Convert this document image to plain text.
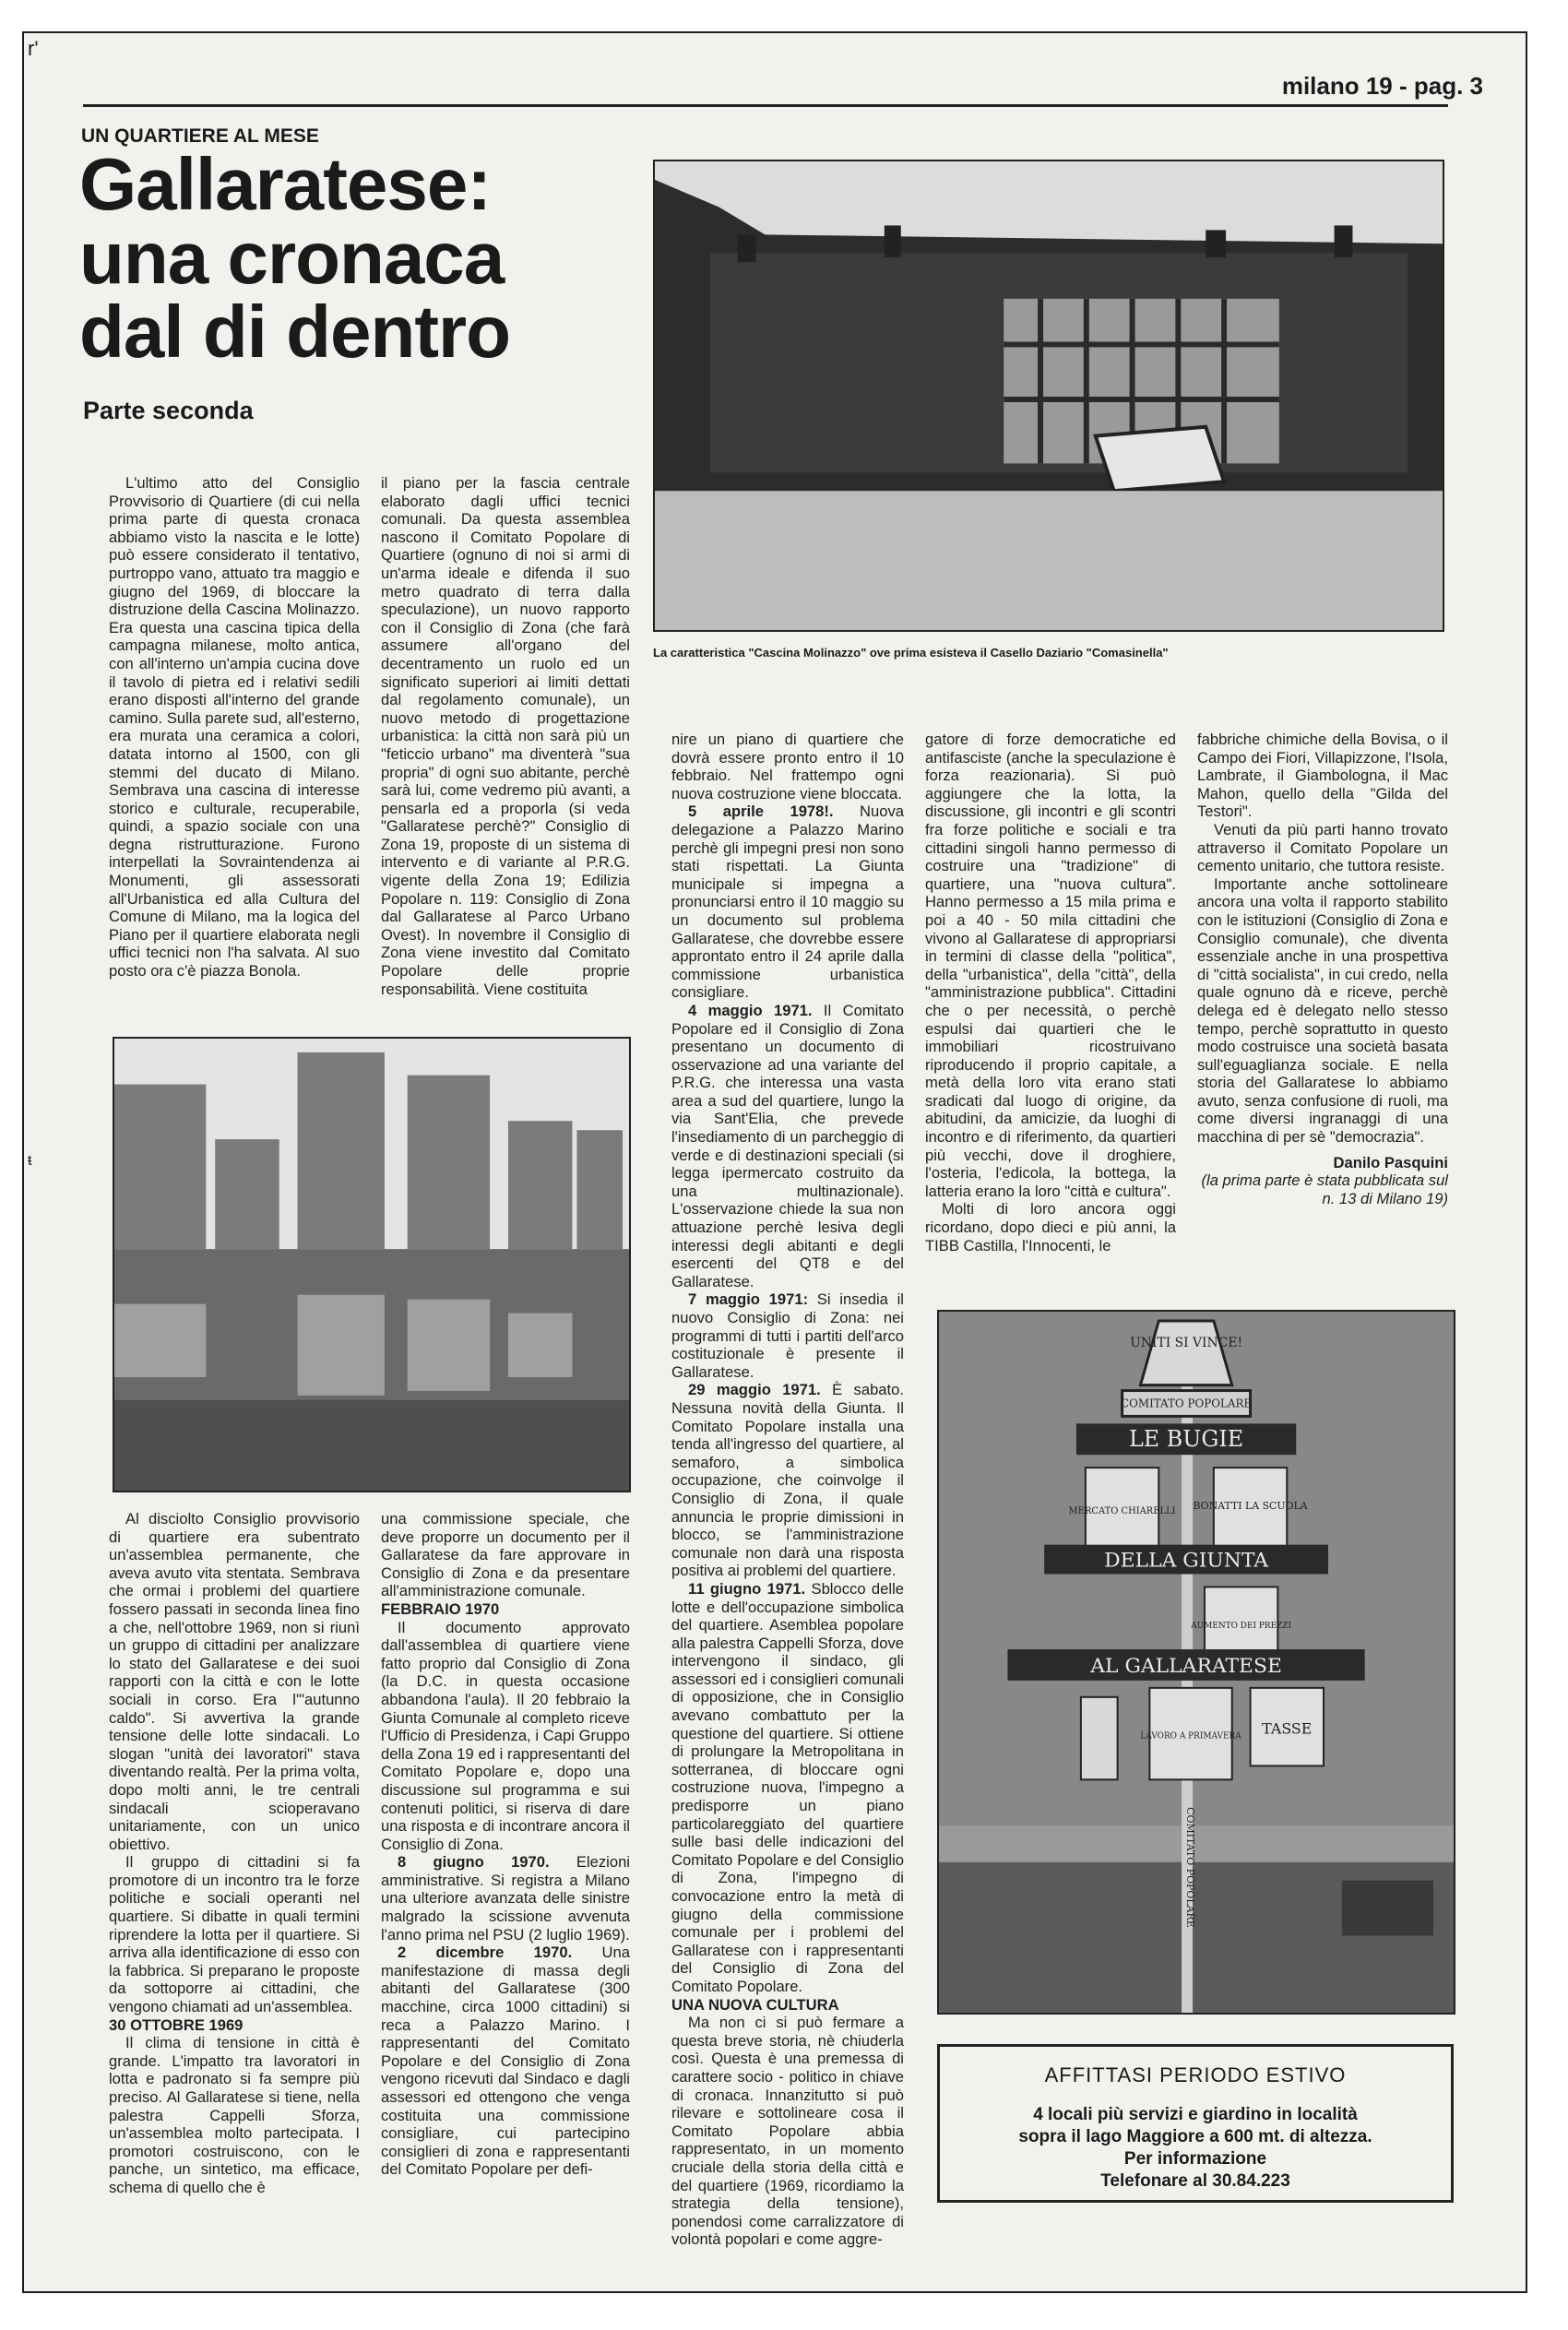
rʹ
ŧ
milano 19 - pag. 3
UN QUARTIERE AL MESE
Gallaratese: una cronaca dal di dentro
Parte seconda

L'ultimo atto del Consiglio Provvisorio di Quartiere (di cui nella prima parte di questa cronaca abbiamo visto la nascita e le lotte) può essere considerato il tentativo, purtroppo vano, attuato tra maggio e giugno del 1969, di bloccare la distruzione della Cascina Molinazzo. Era questa una cascina tipica della campagna milanese, molto antica, con all'interno un'ampia cucina dove il tavolo di pietra ed i relativi sedili erano disposti all'interno del grande camino. Sulla parete sud, all'esterno, era murata una ceramica a colori, datata intorno al 1500, con gli stemmi del ducato di Milano. Sembrava una cascina di interesse storico e culturale, recuperabile, quindi, a spazio sociale con una degna ristrutturazione. Furono interpellati la Sovraintendenza ai Monumenti, gli assessorati all'Urbanistica ed alla Cultura del Comune di Milano, ma la logica del Piano per il quartiere elaborata negli uffici tecnici non l'ha salvata. Al suo posto ora c'è piazza Bonola.

il piano per la fascia centrale elaborato dagli uffici tecnici comunali. Da questa assemblea nascono il Comitato Popolare di Quartiere (ognuno di noi si armi di un'arma ideale e difenda il suo metro quadrato di terra dalla speculazione), un nuovo rapporto con il Consiglio di Zona (che farà assumere all'organo del decentramento un ruolo ed un significato superiori ai limiti dettati dal regolamento comunale), un nuovo metodo di progettazione urbanistica: la città non sarà più un "feticcio urbano" ma diventerà "sua propria" di ogni suo abitante, perchè sarà lui, come vedremo più avanti, a pensarla ed a proporla (si veda "Gallaratese perchè?" Consiglio di Zona 19, proposte di un sistema di intervento e di variante al P.R.G. vigente della Zona 19; Edilizia Popolare n. 119: Consiglio di Zona dal Gallaratese al Parco Urbano Ovest). In novembre il Consiglio di Zona viene investito dal Comitato Popolare delle proprie responsabilità. Viene costituita

La caratteristica "Cascina Molinazzo" ove prima esisteva il Casello Daziario "Comasinella"

Al disciolto Consiglio provvisorio di quartiere era subentrato un'assemblea permanente, che aveva avuto vita stentata. Sembrava che ormai i problemi del quartiere fossero passati in seconda linea fino a che, nell'ottobre 1969, non si riunì un gruppo di cittadini per analizzare lo stato del Gallaratese e dei suoi rapporti con la città e con le lotte sociali in corso. Era l'"autunno caldo". Si avvertiva la grande tensione delle lotte sindacali. Lo slogan "unità dei lavoratori" stava diventando realtà. Per la prima volta, dopo molti anni, le tre centrali sindacali scioperavano unitariamente, con un unico obiettivo.

Il gruppo di cittadini si fa promotore di un incontro tra le forze politiche e sociali operanti nel quartiere. Si dibatte in quali termini riprendere la lotta per il quartiere. Si arriva alla identificazione di esso con la fabbrica. Si preparano le proposte da sottoporre ai cittadini, che vengono chiamati ad un'assemblea.

30 OTTOBRE 1969

Il clima di tensione in città è grande. L'impatto tra lavoratori in lotta e padronato si fa sempre più preciso. Al Gallaratese si tiene, nella palestra Cappelli Sforza, un'assemblea molto partecipata. I promotori costruiscono, con le panche, un sintetico, ma efficace, schema di quello che è

una commissione speciale, che deve proporre un documento per il Gallaratese da fare approvare in Consiglio di Zona e da presentare all'amministrazione comunale.

FEBBRAIO 1970

Il documento approvato dall'assemblea di quartiere viene fatto proprio dal Consiglio di Zona (la D.C. in questa occasione abbandona l'aula). Il 20 febbraio la Giunta Comunale al completo riceve l'Ufficio di Presidenza, i Capi Gruppo della Zona 19 ed i rappresentanti del Comitato Popolare e, dopo una discussione sul programma e sui contenuti politici, si riserva di dare una risposta e di incontrare ancora il Consiglio di Zona.

8 giugno 1970. Elezioni amministrative. Si registra a Milano una ulteriore avanzata delle sinistre malgrado la scissione avvenuta l'anno prima nel PSU (2 luglio 1969).

2 dicembre 1970. Una manifestazione di massa degli abitanti del Gallaratese (300 macchine, circa 1000 cittadini) si reca a Palazzo Marino. I rappresentanti del Comitato Popolare e del Consiglio di Zona vengono ricevuti dal Sindaco e dagli assessori ed ottengono che venga costituita una commissione consigliare, cui partecipino consiglieri di zona e rappresentanti del Comitato Popolare per defi-

nire un piano di quartiere che dovrà essere pronto entro il 10 febbraio. Nel frattempo ogni nuova costruzione viene bloccata.

5 aprile 1978!. Nuova delegazione a Palazzo Marino perchè gli impegni presi non sono stati rispettati. La Giunta municipale si impegna a pronunciarsi entro il 10 maggio su un documento sul problema Gallaratese, che dovrebbe essere approntato entro il 24 aprile dalla commissione urbanistica consigliare.

4 maggio 1971. Il Comitato Popolare ed il Consiglio di Zona presentano un documento di osservazione ad una variante del P.R.G. che interessa una vasta area a sud del quartiere, lungo la via Sant'Elia, che prevede l'insediamento di un parcheggio di verde e di destinazioni speciali (si legga ipermercato costruito da una multinazionale). L'osservazione chiede la sua non attuazione perchè lesiva degli interessi degli abitanti e degli esercenti del QT8 e del Gallaratese.

7 maggio 1971: Si insedia il nuovo Consiglio di Zona: nei programmi di tutti i partiti dell'arco costituzionale è presente il Gallaratese.

29 maggio 1971. È sabato. Nessuna novità della Giunta. Il Comitato Popolare installa una tenda all'ingresso del quartiere, al semaforo, a simbolica occupazione, che coinvolge il Consiglio di Zona, il quale annuncia le proprie dimissioni in blocco, se l'amministrazione comunale non darà una risposta positiva ai problemi del quartiere.

11 giugno 1971. Sblocco delle lotte e dell'occupazione simbolica del quartiere. Asemblea popolare alla palestra Cappelli Sforza, dove intervengono il sindaco, gli assessori ed i consiglieri comunali di opposizione, che in Consiglio avevano combattuto per la questione del quartiere. Si ottiene di prolungare la Metropolitana in sotterranea, di bloccare ogni costruzione nuova, l'impegno a predisporre un piano particolareggiato del quartiere sulle basi delle indicazioni del Comitato Popolare e del Consiglio di Zona, l'impegno di convocazione entro la metà di giugno della commissione comunale per i problemi del Gallaratese con i rappresentanti del Consiglio di Zona del Comitato Popolare.

UNA NUOVA CULTURA

Ma non ci si può fermare a questa breve storia, nè chiuderla così. Questa è una premessa di carattere socio - politico in chiave di cronaca. Innanzitutto si può rilevare e sottolineare cosa il Comitato Popolare abbia rappresentato, in un momento cruciale della storia della città e del quartiere (1969, ricordiamo la strategia della tensione), ponendosi come carralizzatore di volontà popolari e come aggre-

gatore di forze democratiche ed antifasciste (anche la speculazione è forza reazionaria). Si può aggiungere che la lotta, la discussione, gli incontri e gli scontri fra forze politiche e sociali e tra cittadini singoli hanno permesso di costruire una "tradizione" di quartiere, una "nuova cultura". Hanno permesso a 15 mila prima e poi a 40 - 50 mila cittadini che vivono al Gallaratese di appropriarsi in termini di classe della "politica", della "urbanistica", della "città", della "amministrazione pubblica". Cittadini che o per necessità, o perchè espulsi dai quartieri che le immobiliari ricostruivano riproducendo il proprio capitale, a metà della loro vita erano stati sradicati dal luogo di origine, da abitudini, da amicizie, da luoghi di incontro e di riferimento, da quartieri più vecchi, dove il droghiere, l'osteria, l'edicola, la bottega, la latteria erano la loro "città e cultura".

Molti di loro ancora oggi ricordano, dopo dieci e più anni, la TIBB Castilla, l'Innocenti, le

fabbriche chimiche della Bovisa, o il Campo dei Fiori, Villapizzone, l'Isola, Lambrate, il Giambologna, il Mac Mahon, quello della "Gilda del Testori".

Venuti da più parti hanno trovato attraverso il Comitato Popolare un cemento unitario, che tuttora resiste.

Importante anche sottolineare ancora una volta il rapporto stabilito con le istituzioni (Consiglio di Zona e Consiglio comunale), che diventa essenziale anche in una prospettiva di "città socialista", in cui credo, nella quale ognuno dà e riceve, perchè delega ed è delegato nello stesso tempo, perchè soprattutto in questo modo costruisce una società basata sull'eguaglianza sociale. E nella storia del Gallaratese lo abbiamo avuto, senza confusione di ruoli, ma come diversi ingranaggi di una macchina di per sè "democrazia".

Danilo Pasquini

(la prima parte è stata pubblicata sul n. 13 di Milano 19)

UNITI SI VINCE!
COMITATO POPOLARE
LE BUGIE
MERCATO CHIARELLI BONATTI LA SCUOLA
DELLA GIUNTA
AUMENTO DEI PREZZI
AL GALLARATESE
LAVORO A PRIMAVERA TASSE
COMITATO POPOLARE
AFFITTASI PERIODO ESTIVO
4 locali più servizi e giardino in località
sopra il lago Maggiore a 600 mt. di altezza.
Per informazione
Telefonare al 30.84.223
